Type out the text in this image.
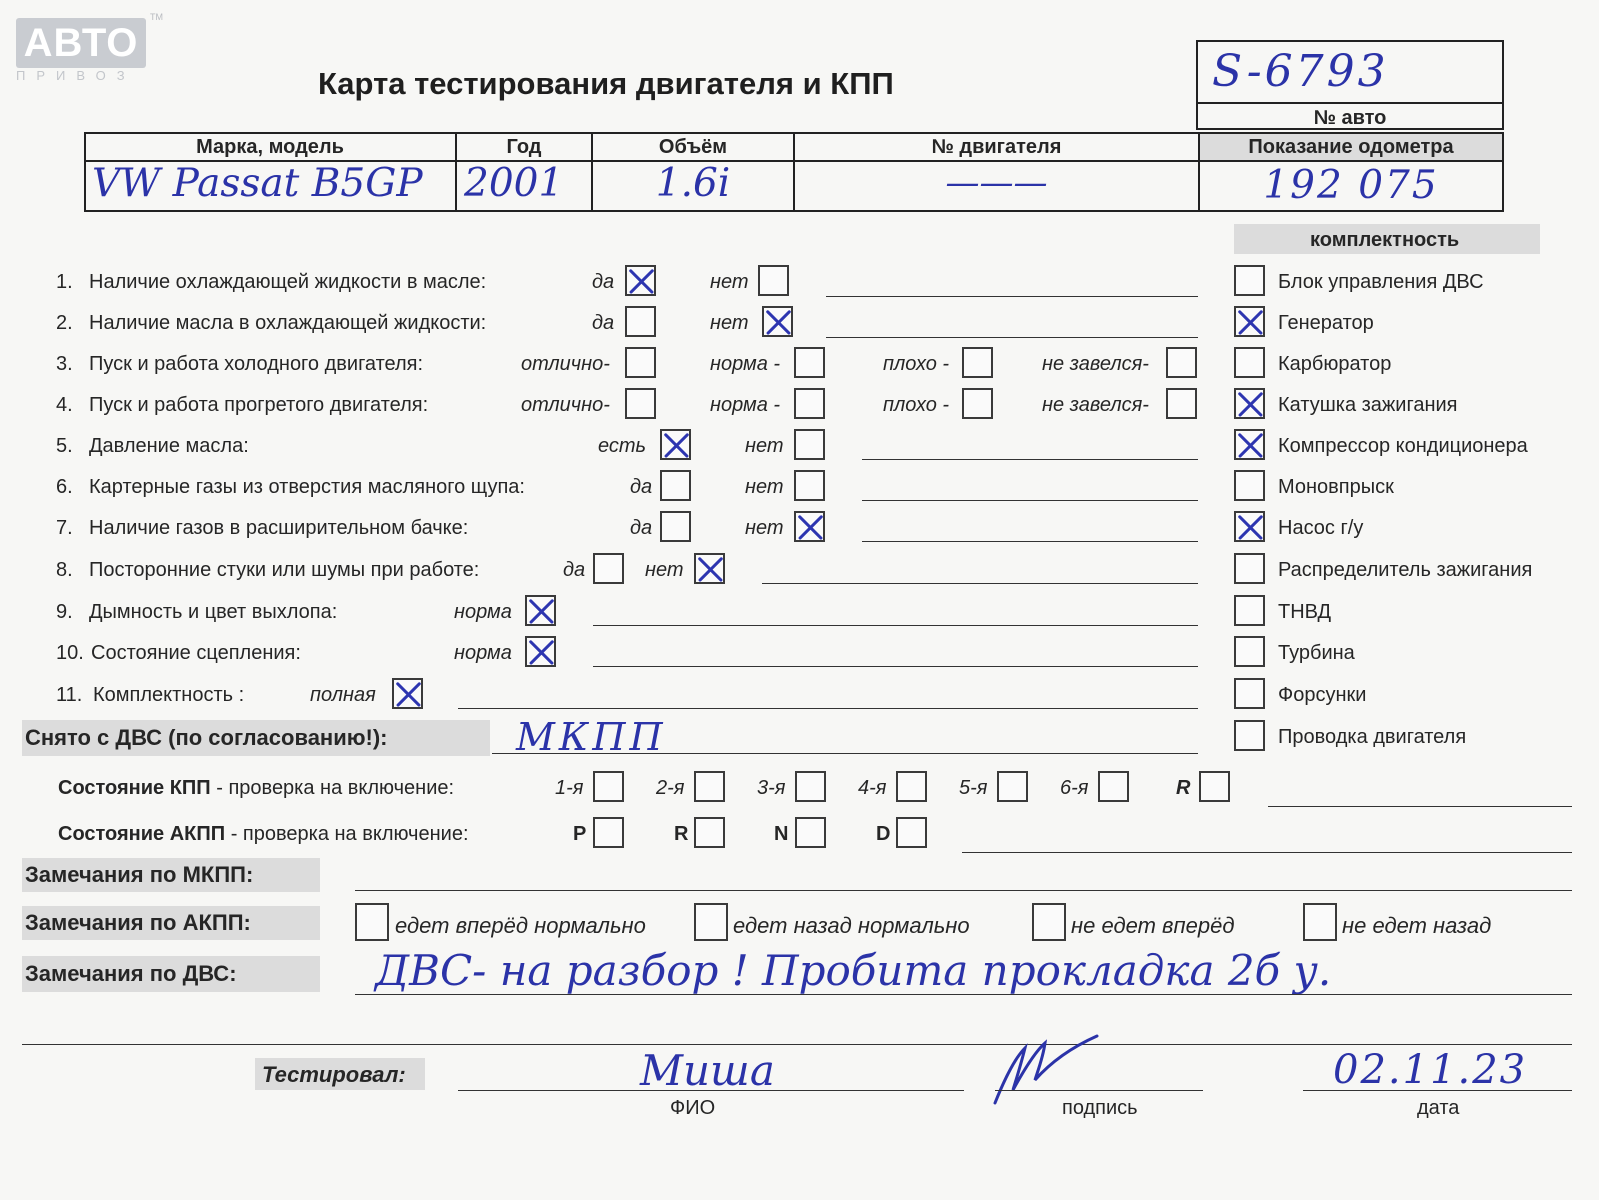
АВТО
ПРИВОЗ
TM
Карта тестирования двигателя и КПП	S-6793
№ авто
Марка, модель	Год	Объём	№ двигателя	Показание одометра
VW Passat B5GP 2001	1.6i	———	192 075
комплектность
Блок управления ДВС
Генератор
Карбюратор
Катушка зажигания
Компрессор кондиционера
Моновпрыск
Насос г/у
Распределитель зажигания
ТНВД
Турбина
Форсунки
Проводка двигателя
1. Наличие охлаждающей жидкости в масле:	да	нет
2. Наличие масла в охлаждающей жидкости:	да	нет
3. Пуск и работа холодного двигателя:	отлично-	норма -	плохо -	не завелся-
4. Пуск и работа прогретого двигателя:	отлично-	норма -	плохо -	не завелся-
5. Давление масла:	есть	нет
6. Картерные газы из отверстия масляного щупа:	да	нет
7. Наличие газов в расширительном бачке:	да	нет
8. Посторонние стуки или шумы при работе:	да	нет
9. Дымность и цвет выхлопа:	норма
10. Состояние сцепления:	норма
11. Комплектность :	полная
Снято с ДВС (по согласованию!):	МКПП
Состояние КПП - проверка на включение:	1-я	2-я	3-я	4-я	5-я	6-я	R
Состояние АКПП - проверка на включение:	P	R	N	D
Замечания по МКПП:
Замечания по АКПП:	едет вперёд нормально	едет назад нормально	не едет вперёд	не едет назад
Замечания по ДВС:	ДВС- на разбор ! Пробита прокладка 2б у.
Тестировал:	Миша
ФИО	подпись
02.11.23
дата
